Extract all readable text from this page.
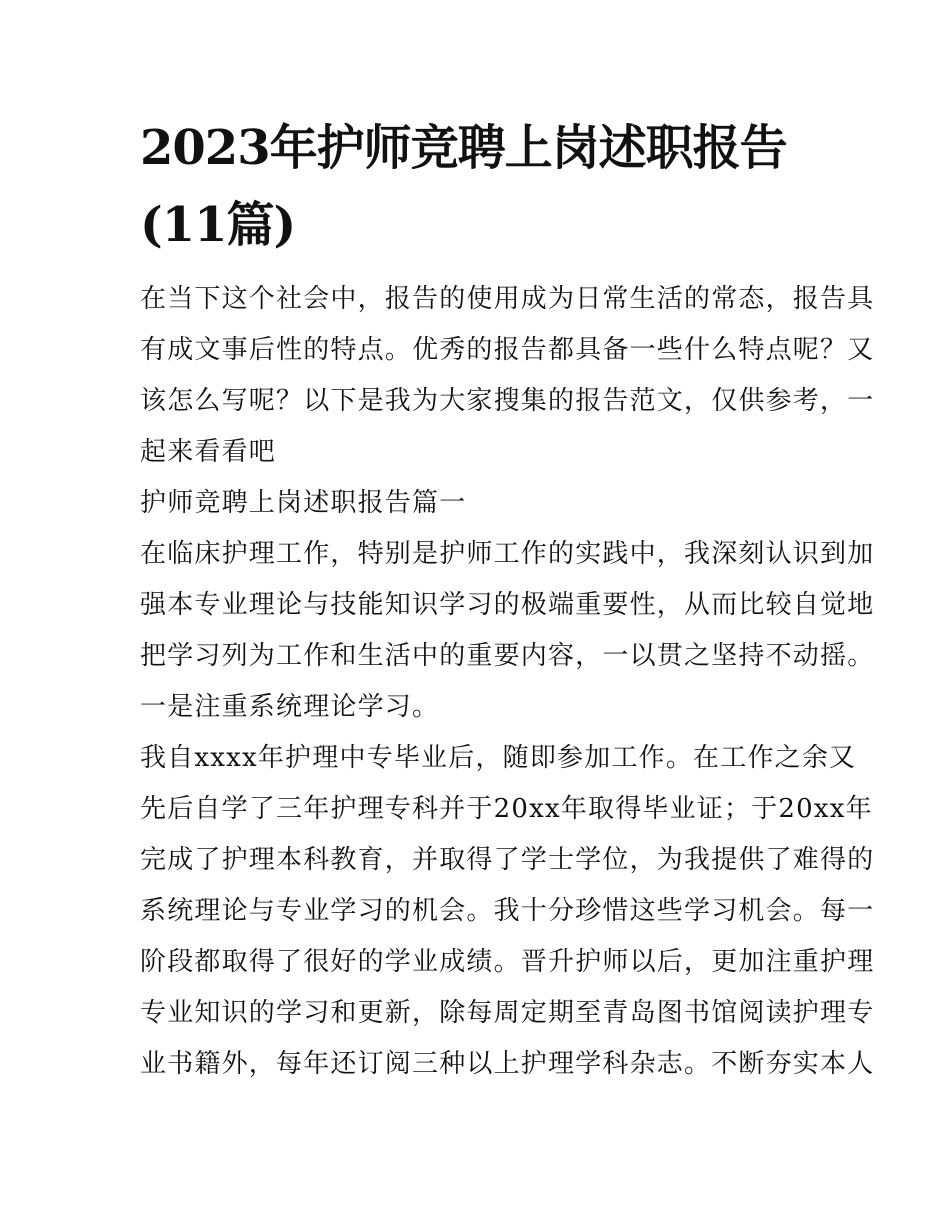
2023年护师竞聘上岗述职报告
(11篇)
在当下这个社会中，报告的使用成为日常生活的常态，报告具
有成文事后性的特点。优秀的报告都具备一些什么特点呢？又
该怎么写呢？以下是我为大家搜集的报告范文，仅供参考，一
起来看看吧
护师竞聘上岗述职报告篇一
在临床护理工作，特别是护师工作的实践中，我深刻认识到加
强本专业理论与技能知识学习的极端重要性，从而比较自觉地
把学习列为工作和生活中的重要内容，一以贯之坚持不动摇。
一是注重系统理论学习。
我自xxxx年护理中专毕业后，随即参加工作。在工作之余又
先后自学了三年护理专科并于20xx年取得毕业证；于20xx年
完成了护理本科教育，并取得了学士学位，为我提供了难得的
系统理论与专业学习的机会。我十分珍惜这些学习机会。每一
阶段都取得了很好的学业成绩。晋升护师以后，更加注重护理
专业知识的学习和更新，除每周定期至青岛图书馆阅读护理专
业书籍外，每年还订阅三种以上护理学科杂志。不断夯实本人
